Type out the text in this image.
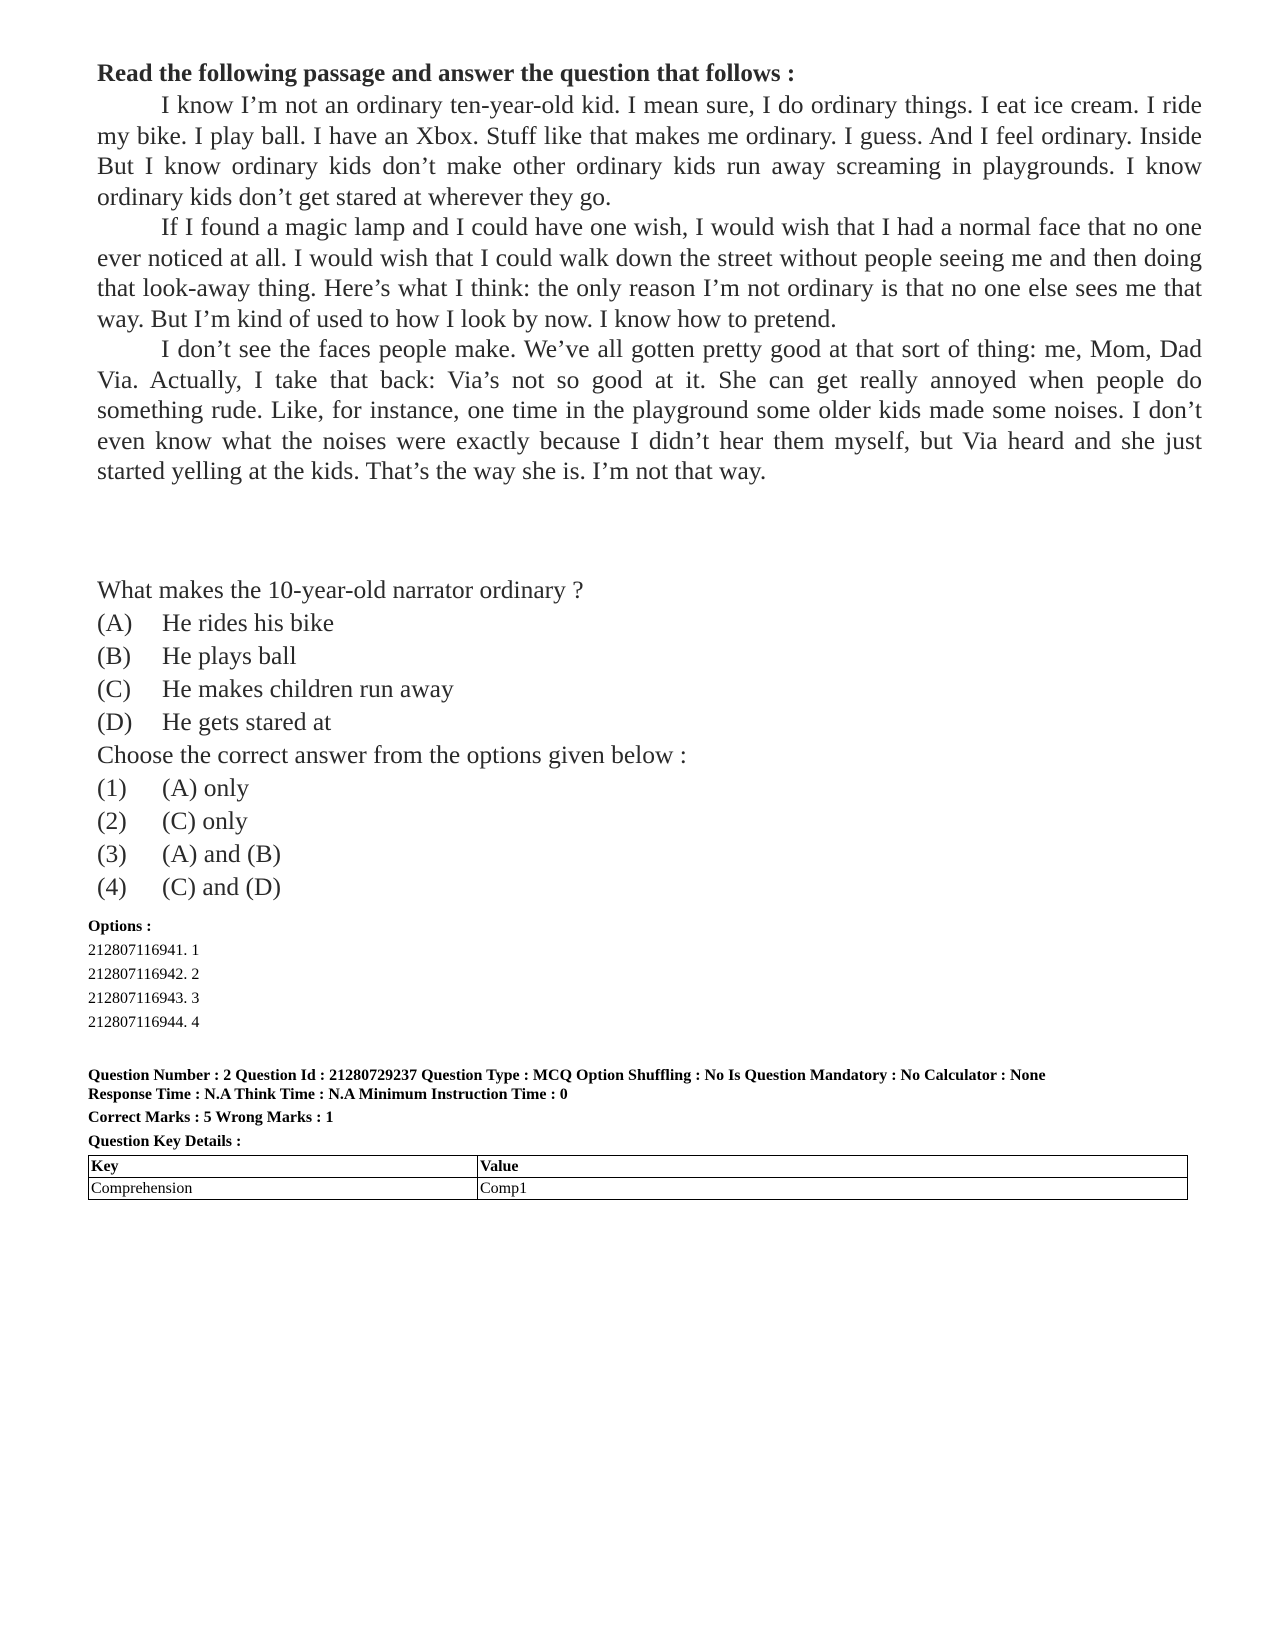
Read the following passage and answer the question that follows :

I know I’m not an ordinary ten-year-old kid. I mean sure, I do ordinary things. I eat ice cream. I ride my bike. I play ball. I have an Xbox. Stuff like that makes me ordinary. I guess. And I feel ordinary. Inside But I know ordinary kids don’t make other ordinary kids run away screaming in playgrounds. I know ordinary kids don’t get stared at wherever they go.

If I found a magic lamp and I could have one wish, I would wish that I had a normal face that no one ever noticed at all. I would wish that I could walk down the street without people seeing me and then doing that look-away thing. Here’s what I think: the only reason I’m not ordinary is that no one else sees me that way. But I’m kind of used to how I look by now. I know how to pretend.

I don’t see the faces people make. We’ve all gotten pretty good at that sort of thing: me, Mom, Dad Via. Actually, I take that back: Via’s not so good at it. She can get really annoyed when people do something rude. Like, for instance, one time in the playground some older kids made some noises. I don’t even know what the noises were exactly because I didn’t hear them myself, but Via heard and she just started yelling at the kids. That’s the way she is. I’m not that way.

What makes the 10-year-old narrator ordinary ?

(A)	He rides his bike
(B)	He plays ball
(C)	He makes children run away
(D)	He gets stared at

Choose the correct answer from the options given below :

(1)	(A) only
(2)	(C) only
(3)	(A) and (B)
(4)	(C) and (D)
Options :
212807116941. 1
212807116942. 2
212807116943. 3
212807116944. 4
Question Number : 2 Question Id : 21280729237 Question Type : MCQ Option Shuffling : No Is Question Mandatory : No Calculator : None
Response Time : N.A Think Time : N.A Minimum Instruction Time : 0
Correct Marks : 5 Wrong Marks : 1
Question Key Details :
Key	Value
Comprehension	Comp1
